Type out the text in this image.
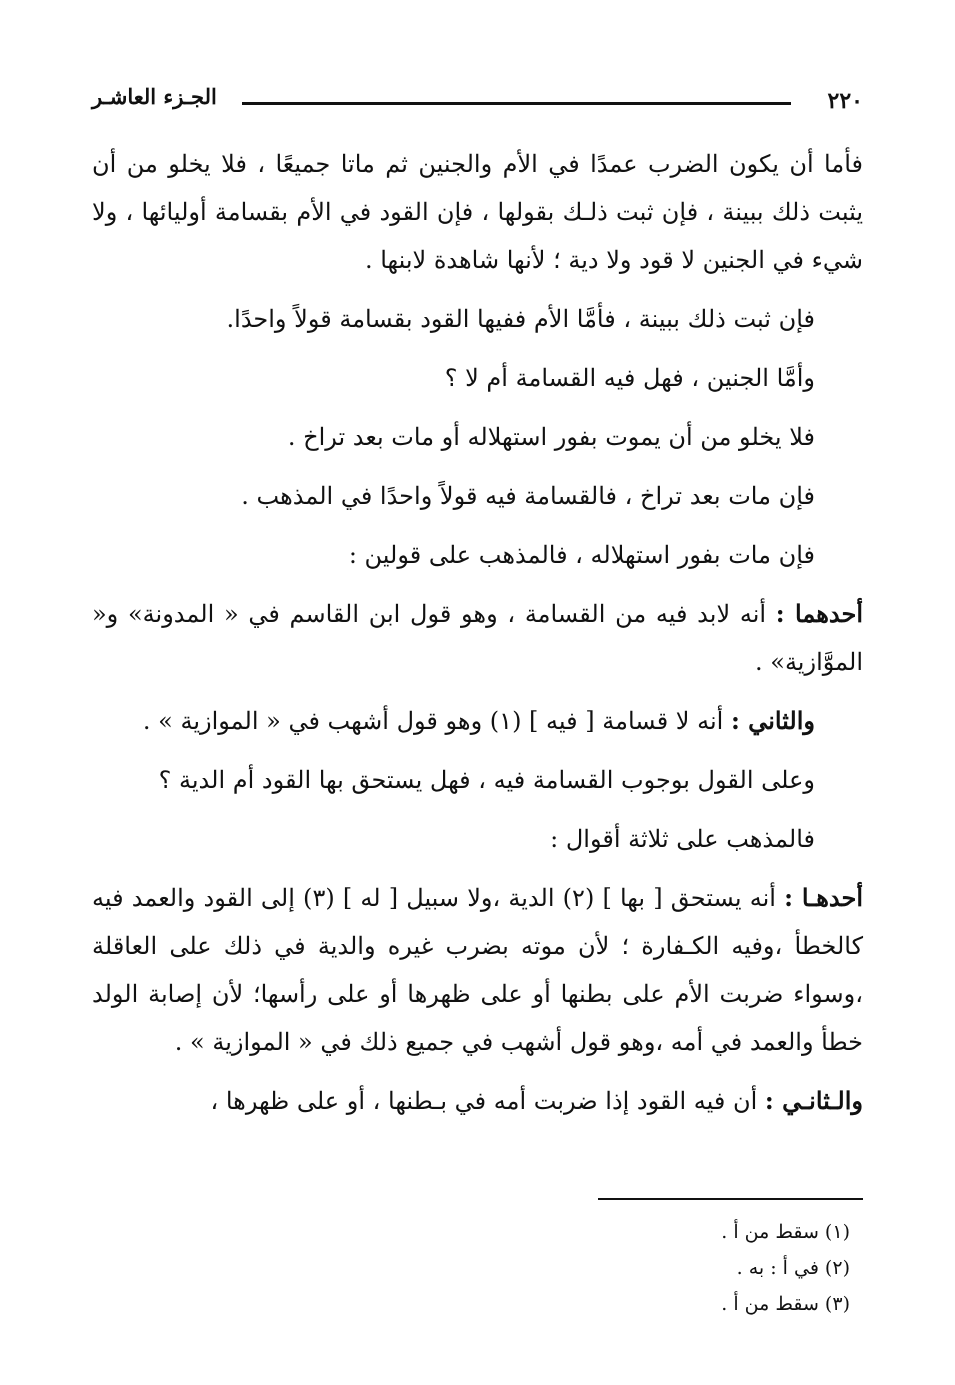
الجـزء العاشـر	٢٢٠

فأما أن يكون الضرب عمدًا في الأم والجنين ثم ماتا جميعًا ، فلا يخلو من أن يثبت ذلك ببينة ، فإن ثبت ذلـك بقولها ، فإن القود في الأم بقسامة أوليائها ، ولا شيء في الجنين لا قود ولا دية ؛ لأنها شاهدة لابنها .

فإن ثبت ذلك ببينة ، فأمَّا الأم ففيها القود بقسامة قولاً واحدًا.

وأمَّا الجنين ، فهل فيه القسامة أم لا ؟

فلا يخلو من أن يموت بفور استهلاله أو مات بعد تراخ .

فإن مات بعد تراخ ، فالقسامة فيه قولاً واحدًا في المذهب .

فإن مات بفور استهلاله ، فالمذهب على قولين :

أحدهما : أنه لابد فيه من القسامة ، وهو قول ابن القاسم في « المدونة» و« الموَّازية» .

والثاني : أنه لا قسامة [ فيه ] (١) وهو قول أشهب في « الموازية » .

وعلى القول بوجوب القسامة فيه ، فهل يستحق بها القود أم الدية ؟

فالمذهب على ثلاثة أقوال :

أحدهـا : أنه يستحق [ بها ] (٢) الدية ،ولا سبيل [ له ] (٣) إلى القود والعمد فيه كالخطأ ،وفيه الكـفارة ؛ لأن موته بضرب غيره والدية في ذلك على العاقلة ،وسواء ضربت الأم على بطنها أو على ظهرها أو على رأسها؛ لأن إصابة الولد خطأ والعمد في أمه ،وهو قول أشهب في جميع ذلك في « الموازية » .

والـثانـي : أن فيه القود إذا ضربت أمه في بـطنها ، أو على ظهرها ،

(١) سقط من أ .

(٢) في أ : به .

(٣) سقط من أ .
